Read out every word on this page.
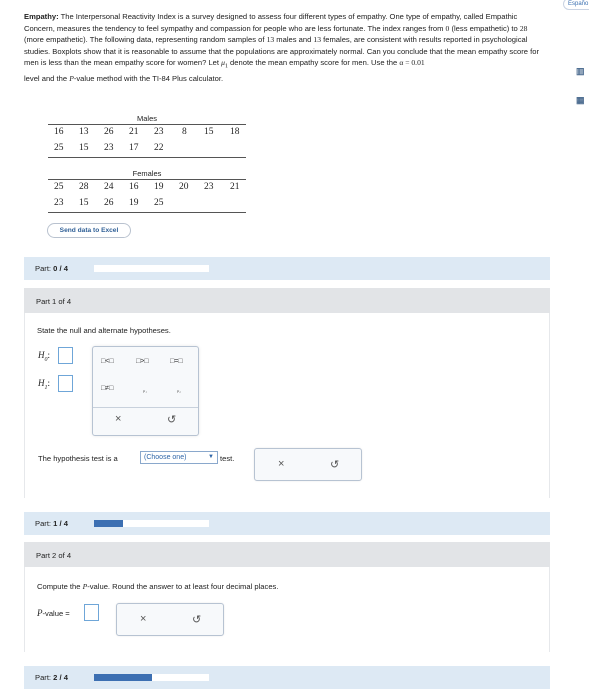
Españo
▥
▦
Empathy: The Interpersonal Reactivity Index is a survey designed to assess four different types of empathy. One type of empathy, called Empathic Concern, measures the tendency to feel sympathy and compassion for people who are less fortunate. The index ranges from 0 (less empathetic) to 28 (more empathetic). The following data, representing random samples of 13 males and 13 females, are consistent with results reported in psychological studies. Boxplots show that it is reasonable to assume that the populations are approximately normal. Can you conclude that the mean empathy score for men is less than the mean empathy score for women? Let $\mu_1$ denote the mean empathy score for men. Use the α = 0.01
level and the P-value method with the TI-84 Plus calculator.
Males
16 13 26 21 23 8 15 18
25 15 23 17 22
Females
25 28 24 16 19 20 23 21
23 15 26 19 25
Send data to Excel
Part: 0 / 4
Part 1 of 4
State the null and alternate hypotheses.
$H_0$:
$H_1$:
□<□	□>□	□=□
□≠□	μ₁	μ₂
×	↺
The hypothesis test is a	(Choose one)	▼ test.	×	↺
Part: 1 / 4
Part 2 of 4
Compute the P-value. Round the answer to at least four decimal places.
P-value =	×	↺
Part: 2 / 4
